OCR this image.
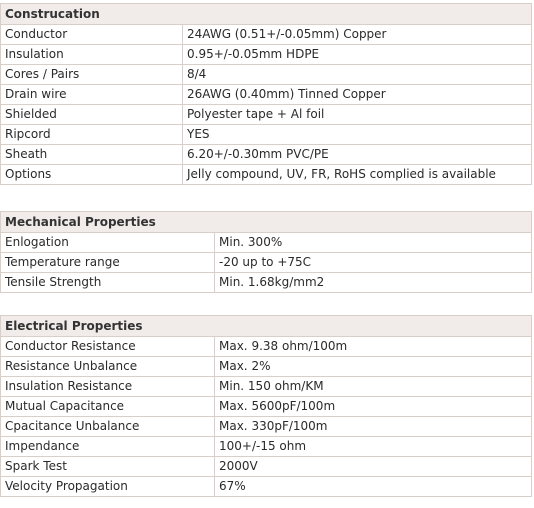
Construcation	
Conductor	24AWG (0.51+/-0.05mm) Copper
Insulation	0.95+/-0.05mm HDPE
Cores / Pairs	8/4
Drain wire	26AWG (0.40mm) Tinned Copper
Shielded	Polyester tape + Al foil
Ripcord	YES
Sheath	6.20+/-0.30mm PVC/PE
Options	Jelly compound, UV, FR, RoHS complied is available
Mechanical Properties	
Enlogation	Min. 300%
Temperature range	-20 up to +75C
Tensile Strength	Min. 1.68kg/mm2
Electrical Properties	
Conductor Resistance	Max. 9.38 ohm/100m
Resistance Unbalance	Max. 2%
Insulation Resistance	Min. 150 ohm/KM
Mutual Capacitance	Max. 5600pF/100m
Cpacitance Unbalance	Max. 330pF/100m
Impendance	100+/-15 ohm
Spark Test	2000V
Velocity Propagation	67%
